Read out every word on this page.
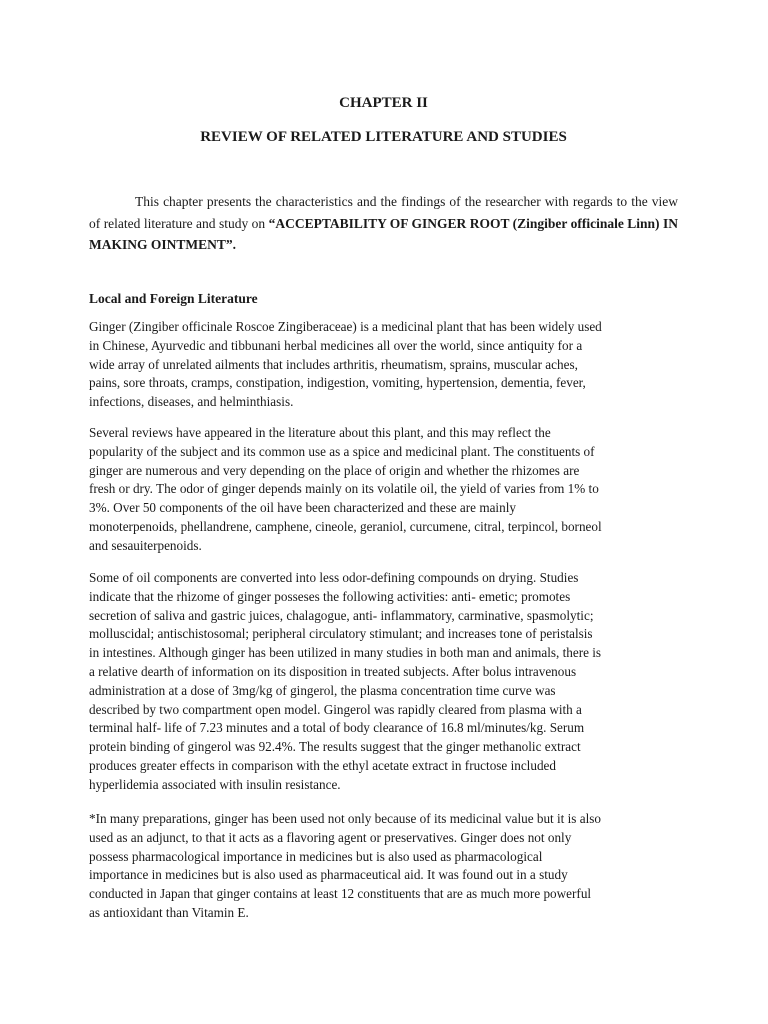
CHAPTER II
REVIEW OF RELATED LITERATURE AND STUDIES

This chapter presents the characteristics and the findings of the researcher with regards to the view of related literature and study on “ACCEPTABILITY OF GINGER ROOT (Zingiber officinale Linn) IN MAKING OINTMENT”.

Local and Foreign Literature
Ginger (Zingiber officinale Roscoe Zingiberaceae) is a medicinal plant that has been widely used
in Chinese, Ayurvedic and tibbunani herbal medicines all over the world, since antiquity for a
wide array of unrelated ailments that includes arthritis, rheumatism, sprains, muscular aches,
pains, sore throats, cramps, constipation, indigestion, vomiting, hypertension, dementia, fever,
infections, diseases, and helminthiasis.
Several reviews have appeared in the literature about this plant, and this may reflect the
popularity of the subject and its common use as a spice and medicinal plant. The constituents of
ginger are numerous and very depending on the place of origin and whether the rhizomes are
fresh or dry. The odor of ginger depends mainly on its volatile oil, the yield of varies from 1% to
3%. Over 50 components of the oil have been characterized and these are mainly
monoterpenoids, phellandrene, camphene, cineole, geraniol, curcumene, citral, terpincol, borneol
and sesauiterpenoids.
Some of oil components are converted into less odor-defining compounds on drying. Studies
indicate that the rhizome of ginger posseses the following activities: anti- emetic; promotes
secretion of saliva and gastric juices, chalagogue, anti- inflammatory, carminative, spasmolytic;
molluscidal; antischistosomal; peripheral circulatory stimulant; and increases tone of peristalsis
in intestines. Although ginger has been utilized in many studies in both man and animals, there is
a relative dearth of information on its disposition in treated subjects. After bolus intravenous
administration at a dose of 3mg/kg of gingerol, the plasma concentration time curve was
described by two compartment open model. Gingerol was rapidly cleared from plasma with a
terminal half- life of 7.23 minutes and a total of body clearance of 16.8 ml/minutes/kg. Serum
protein binding of gingerol was 92.4%. The results suggest that the ginger methanolic extract
produces greater effects in comparison with the ethyl acetate extract in fructose included
hyperlidemia associated with insulin resistance.
*In many preparations, ginger has been used not only because of its medicinal value but it is also
used as an adjunct, to that it acts as a flavoring agent or preservatives. Ginger does not only
possess pharmacological importance in medicines but is also used as pharmacological
importance in medicines but is also used as pharmaceutical aid. It was found out in a study
conducted in Japan that ginger contains at least 12 constituents that are as much more powerful
as antioxidant than Vitamin E.
